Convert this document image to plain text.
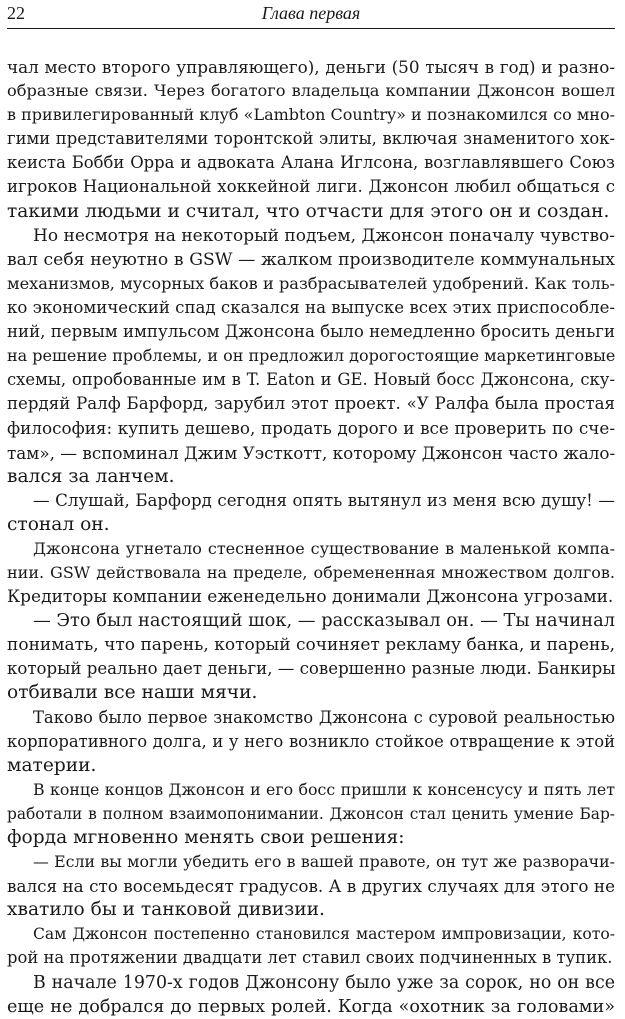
22	Глава первая
чал место второго управляющего), деньги (50 тысяч в год) и разно-
образные связи. Через богатого владельца компании Джонсон вошел
в привилегированный клуб «Lambton Country» и познакомился со мно-
гими представителями торонтской элиты, включая знаменитого хок-
кеиста Бобби Орра и адвоката Алана Иглсона, возглавлявшего Союз
игроков Национальной хоккейной лиги. Джонсон любил общаться с
такими людьми и считал, что отчасти для этого он и создан.
Но несмотря на некоторый подъем, Джонсон поначалу чувство-
вал себя неуютно в GSW — жалком производителе коммунальных
механизмов, мусорных баков и разбрасывателей удобрений. Как толь-
ко экономический спад сказался на выпуске всех этих приспособле-
ний, первым импульсом Джонсона было немедленно бросить деньги
на решение проблемы, и он предложил дорогостоящие маркетинговые
схемы, опробованные им в T. Eaton и GE. Новый босс Джонсона, ску-
пердяй Ралф Барфорд, зарубил этот проект. «У Ралфа была простая
философия: купить дешево, продать дорого и все проверить по сче-
там», — вспоминал Джим Уэсткотт, которому Джонсон часто жало-
вался за ланчем.
— Слушай, Барфорд сегодня опять вытянул из меня всю душу! —
стонал он.
Джонсона угнетало стесненное существование в маленькой компа-
нии. GSW действовала на пределе, обремененная множеством долгов.
Кредиторы компании еженедельно донимали Джонсона угрозами.
— Это был настоящий шок, — рассказывал он. — Ты начинал
понимать, что парень, который сочиняет рекламу банка, и парень,
который реально дает деньги, — совершенно разные люди. Банкиры
отбивали все наши мячи.
Таково было первое знакомство Джонсона с суровой реальностью
корпоративного долга, и у него возникло стойкое отвращение к этой
материи.
В конце концов Джонсон и его босс пришли к консенсусу и пять лет
работали в полном взаимопонимании. Джонсон стал ценить умение Бар-
форда мгновенно менять свои решения:
— Если вы могли убедить его в вашей правоте, он тут же разворачи-
вался на сто восемьдесят градусов. А в других случаях для этого не
хватило бы и танковой дивизии.
Сам Джонсон постепенно становился мастером импровизации, кото-
рой на протяжении двадцати лет ставил своих подчиненных в тупик.
В начале 1970-х годов Джонсону было уже за сорок, но он все
еще не добрался до первых ролей. Когда «охотник за головами»
